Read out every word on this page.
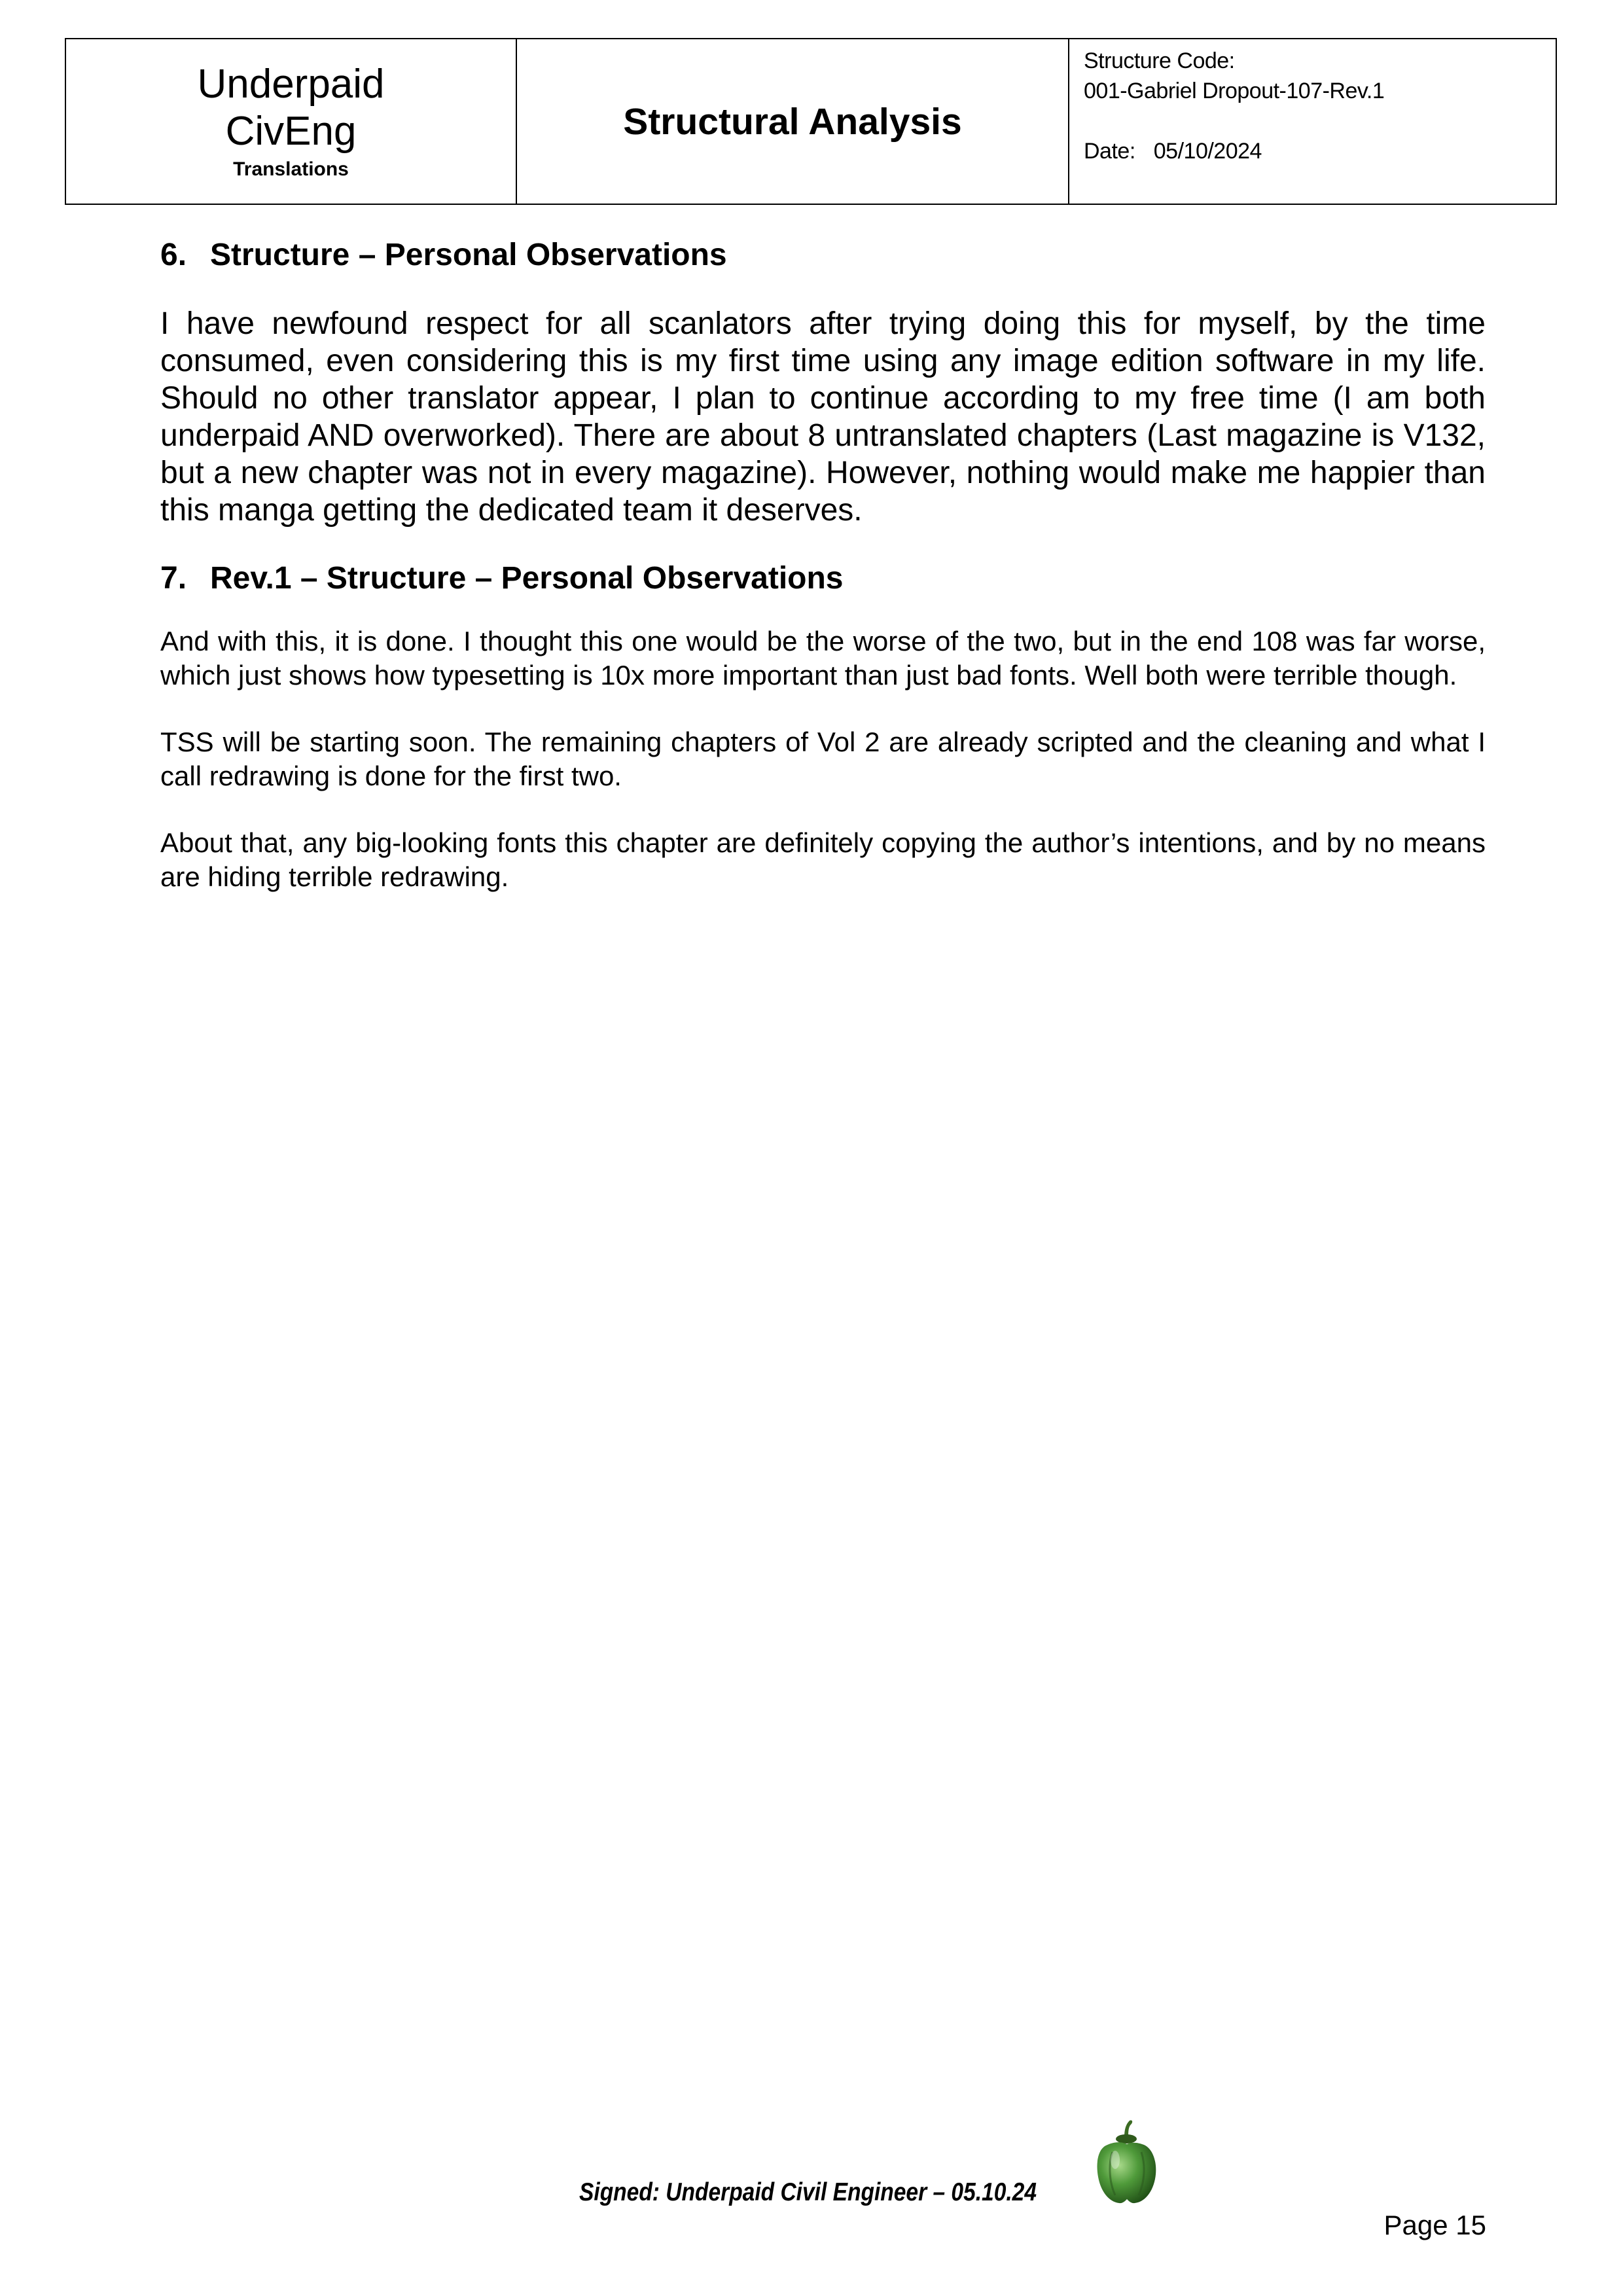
Underpaid
CivEng
Translations
Structural Analysis
Structure Code:
001-Gabriel Dropout-107-Rev.1
Date: 05/10/2024
6. Structure – Personal Observations

I have newfound respect for all scanlators after trying doing this for myself, by the time consumed, even considering this is my first time using any image edition software in my life. Should no other translator appear, I plan to continue according to my free time (I am both underpaid AND overworked). There are about 8 untranslated chapters (Last magazine is V132, but a new chapter was not in every magazine). However, nothing would make me happier than this manga getting the dedicated team it deserves.

7. Rev.1 – Structure – Personal Observations

And with this, it is done. I thought this one would be the worse of the two, but in the end 108 was far worse, which just shows how typesetting is 10x more important than just bad fonts. Well both were terrible though.

TSS will be starting soon. The remaining chapters of Vol 2 are already scripted and the cleaning and what I call redrawing is done for the first two.

About that, any big-looking fonts this chapter are definitely copying the author’s intentions, and by no means are hiding terrible redrawing.

Signed: Underpaid Civil Engineer – 05.10.24
Page 15
